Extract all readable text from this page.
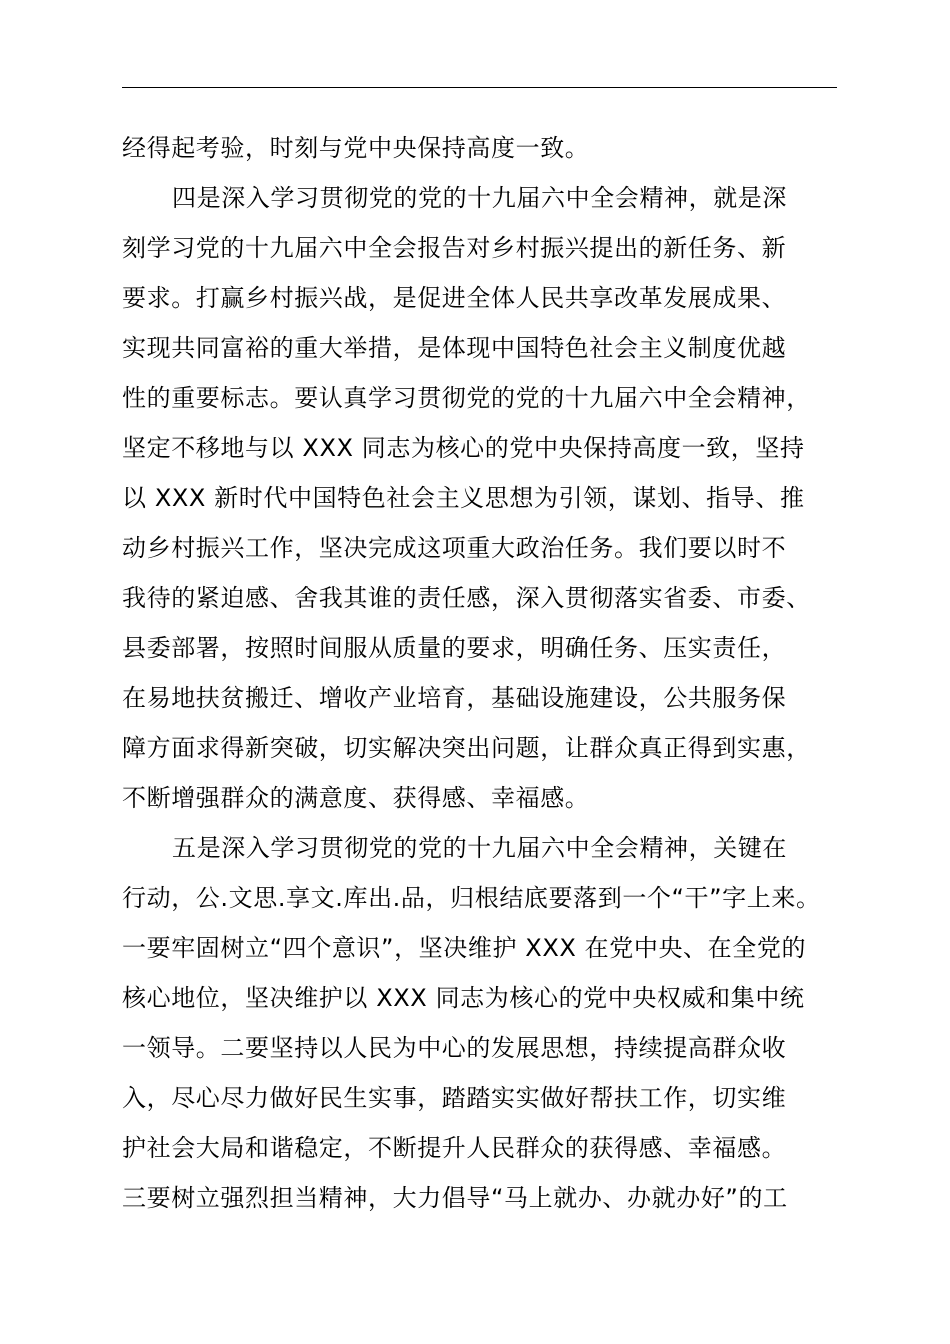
经得起考验，时刻与党中央保持高度一致。
四是深入学习贯彻党的党的十九届六中全会精神，就是深
刻学习党的十九届六中全会报告对乡村振兴提出的新任务、新
要求。打赢乡村振兴战，是促进全体人民共享改革发展成果、
实现共同富裕的重大举措，是体现中国特色社会主义制度优越
性的重要标志。要认真学习贯彻党的党的十九届六中全会精神，
坚定不移地与以 XXX 同志为核心的党中央保持高度一致，坚持
以 XXX 新时代中国特色社会主义思想为引领，谋划、指导、推
动乡村振兴工作，坚决完成这项重大政治任务。我们要以时不
我待的紧迫感、舍我其谁的责任感，深入贯彻落实省委、市委、
县委部署，按照时间服从质量的要求，明确任务、压实责任，
在易地扶贫搬迁、增收产业培育，基础设施建设，公共服务保
障方面求得新突破，切实解决突出问题，让群众真正得到实惠，
不断增强群众的满意度、获得感、幸福感。
五是深入学习贯彻党的党的十九届六中全会精神，关键在
行动，公.文思.享文.库出.品，归根结底要落到一个“干”字上来。
一要牢固树立“四个意识”，坚决维护 XXX 在党中央、在全党的
核心地位，坚决维护以 XXX 同志为核心的党中央权威和集中统
一领导。二要坚持以人民为中心的发展思想，持续提高群众收
入，尽心尽力做好民生实事，踏踏实实做好帮扶工作，切实维
护社会大局和谐稳定，不断提升人民群众的获得感、幸福感。
三要树立强烈担当精神，大力倡导“马上就办、办就办好”的工
